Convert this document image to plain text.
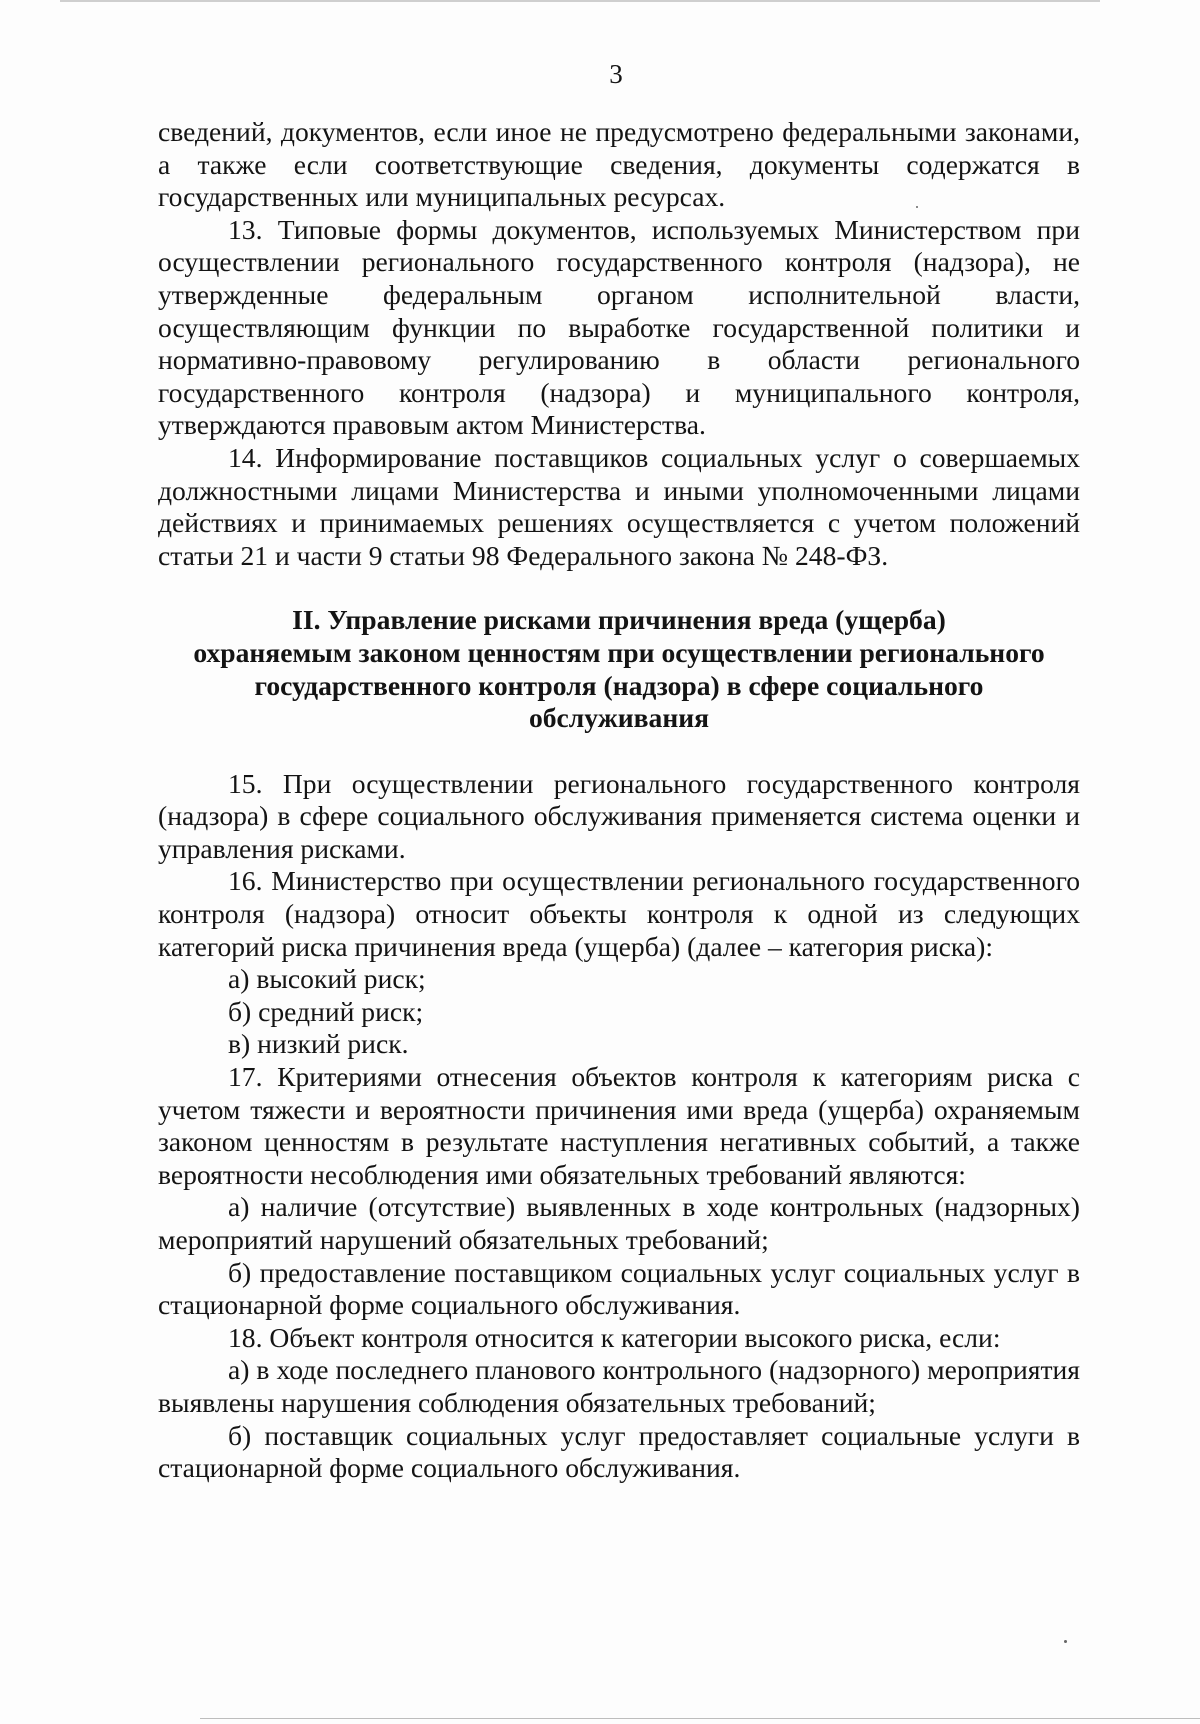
3

сведений, документов, если иное не предусмотрено федеральными законами, а также если соответствующие сведения, документы содержатся в государственных или муниципальных ресурсах.

13. Типовые формы документов, используемых Министерством при осуществлении регионального государственного контроля (надзора), не утвержденные федеральным органом исполнительной власти, осуществляющим функции по выработке государственной политики и нормативно-правовому регулированию в области регионального государственного контроля (надзора) и муниципального контроля, утверждаются правовым актом Министерства.

14. Информирование поставщиков социальных услуг о совершаемых должностными лицами Министерства и иными уполномоченными лицами действиях и принимаемых решениях осуществляется с учетом положений статьи 21 и части 9 статьи 98 Федерального закона № 248-ФЗ.

II. Управление рисками причинения вреда (ущерба)
охраняемым законом ценностям при осуществлении регионального
государственного контроля (надзора) в сфере социального
обслуживания

15. При осуществлении регионального государственного контроля (надзора) в сфере социального обслуживания применяется система оценки и управления рисками.

16. Министерство при осуществлении регионального государственного контроля (надзора) относит объекты контроля к одной из следующих категорий риска причинения вреда (ущерба) (далее – категория риска):

а) высокий риск;

б) средний риск;

в) низкий риск.

17. Критериями отнесения объектов контроля к категориям риска с учетом тяжести и вероятности причинения ими вреда (ущерба) охраняемым законом ценностям в результате наступления негативных событий, а также вероятности несоблюдения ими обязательных требований являются:

а) наличие (отсутствие) выявленных в ходе контрольных (надзорных) мероприятий нарушений обязательных требований;

б) предоставление поставщиком социальных услуг социальных услуг в стационарной форме социального обслуживания.

18. Объект контроля относится к категории высокого риска, если:

а) в ходе последнего планового контрольного (надзорного) мероприятия выявлены нарушения соблюдения обязательных требований;

б) поставщик социальных услуг предоставляет социальные услуги в стационарной форме социального обслуживания.
